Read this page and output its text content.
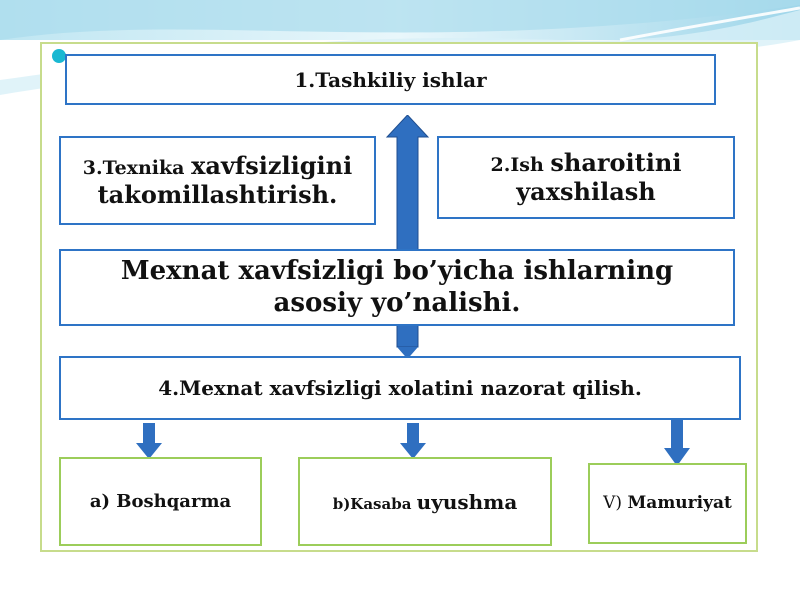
1.Tashkiliy ishlar
3.Texnika xavfsizligini takomillashtirish.
2.Ish sharoitini yaxshilash
Mexnat xavfsizligi bo’yicha ishlarning asosiy yo’nalishi.
4.Mexnat xavfsizligi xolatini nazorat qilish.
a) Boshqarma	b)Kasaba uyushma	V) Mamuriyat
